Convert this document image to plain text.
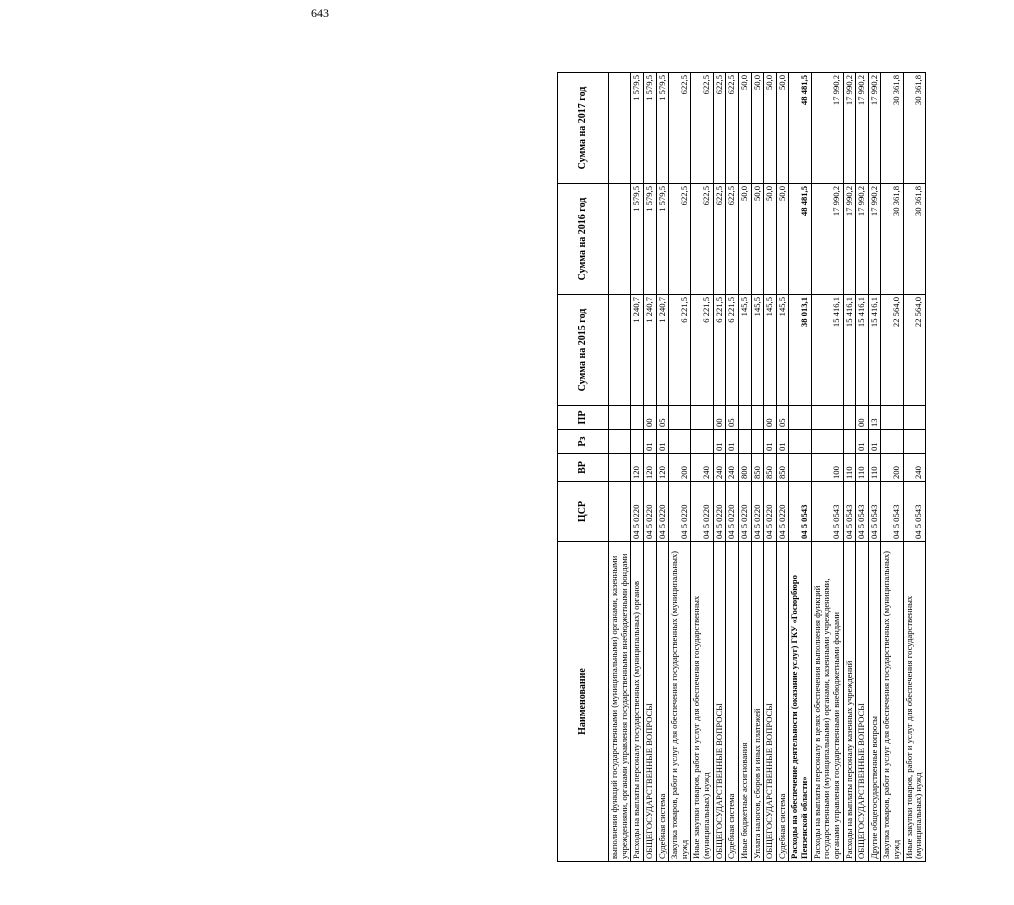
643
Наименование	ЦСР	ВР	Рз	ПР	Сумма на 2015 год	Сумма на 2016 год	Сумма на 2017 год
выполнения функций государственными (муниципальными) органами, казенными учреждениями, органами управления государственными внебюджетными фондами							
Расходы на выплаты персоналу государственных (муниципальных) органов	04 5 0220	120			1 240,7	1 579,5	1 579,5
ОБЩЕГОСУДАРСТВЕННЫЕ ВОПРОСЫ	04 5 0220	120	01	00	1 240,7	1 579,5	1 579,5
Судебная система	04 5 0220	120	01	05	1 240,7	1 579,5	1 579,5
Закупка товаров, работ и услуг для обеспечения государственных (муниципальных) нужд	04 5 0220	200			6 221,5	622,5	622,5
Иные закупки товаров, работ и услуг для обеспечения государственных (муниципальных) нужд	04 5 0220	240			6 221,5	622,5	622,5
ОБЩЕГОСУДАРСТВЕННЫЕ ВОПРОСЫ	04 5 0220	240	01	00	6 221,5	622,5	622,5
Судебная система	04 5 0220	240	01	05	6 221,5	622,5	622,5
Иные бюджетные ассигнования	04 5 0220	800			145,5	50,0	50,0
Уплата налогов, сборов и иных платежей	04 5 0220	850			145,5	50,0	50,0
ОБЩЕГОСУДАРСТВЕННЫЕ ВОПРОСЫ	04 5 0220	850	01	00	145,5	50,0	50,0
Судебная система	04 5 0220	850	01	05	145,5	50,0	50,0
Расходы на обеспечение деятельности (оказание услуг) ГКУ «Госюрбюро Пензенской области»	04 5 0543				38 013,1	48 481,5	48 481,5
Расходы на выплаты персоналу в целях обеспечения выполнения функций государственными (муниципальными) органами, казенными учреждениями, органами управления государственными внебюджетными фондами	04 5 0543	100			15 416,1	17 990,2	17 990,2
Расходы на выплаты персоналу казенных учреждений	04 5 0543	110			15 416,1	17 990,2	17 990,2
ОБЩЕГОСУДАРСТВЕННЫЕ ВОПРОСЫ	04 5 0543	110	01	00	15 416,1	17 990,2	17 990,2
Другие общегосударственные вопросы	04 5 0543	110	01	13	15 416,1	17 990,2	17 990,2
Закупка товаров, работ и услуг для обеспечения государственных (муниципальных) нужд	04 5 0543	200			22 564,0	30 361,8	30 361,8
Иные закупки товаров, работ и услуг для обеспечения государственных (муниципальных) нужд	04 5 0543	240			22 564,0	30 361,8	30 361,8
